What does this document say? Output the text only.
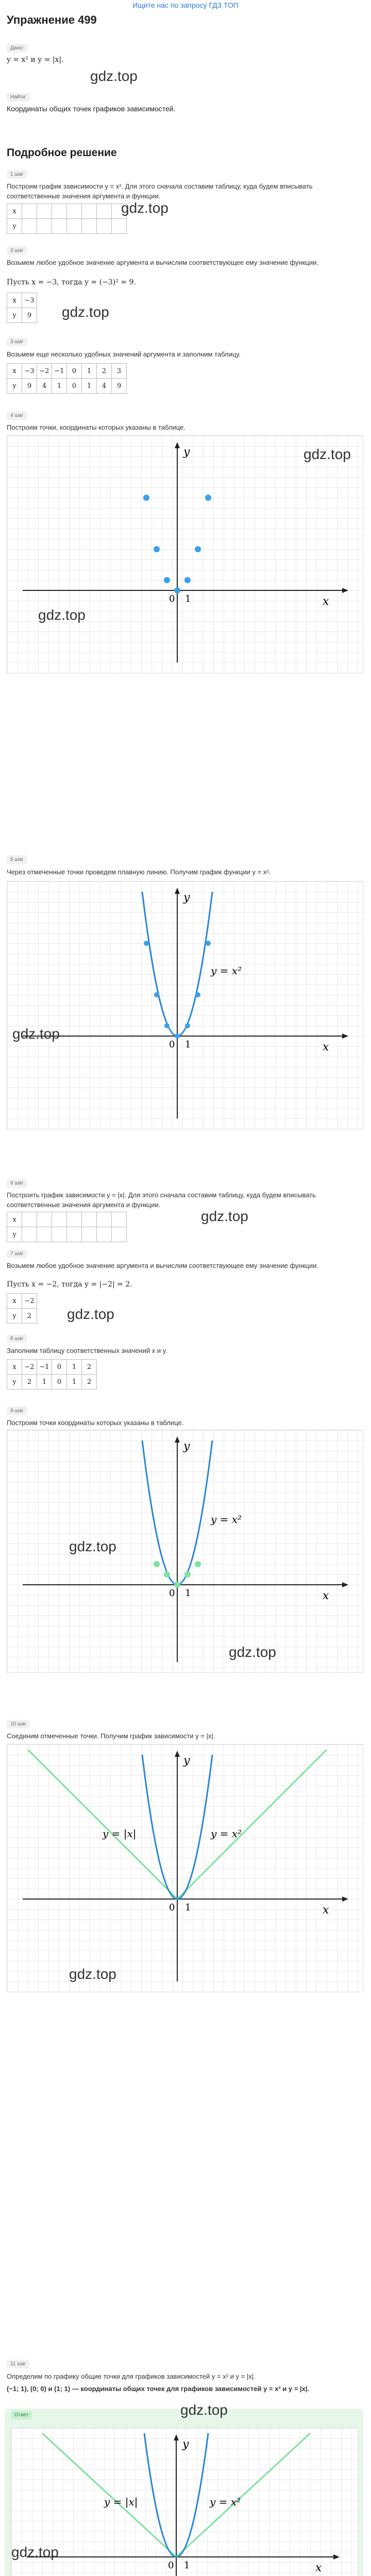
Ищите нас по запросу ГДЗ ТОП
Упражнение 499
Дано:
y = x² и y = |x|.
gdz.top
Найти:
Координаты общих точек графиков зависимостей.
Подробное решение
1 шаг
Построим график зависимости y = x². Для этого сначала составим таблицу, куда будем вписывать соответственные значения аргумента и функции.
x							
y							
gdz.top
2 шаг
Возьмем любое удобное значение аргумента и вычислим соответствующее ему значение функции.
Пусть x = −3, тогда y = (−3)² = 9.
x	−3
y	9 gdz.top
3 шаг
Возьмем еще несколько удобных значений аргумента и заполним таблицу.
x	−3	−2	−1	0	1	2	3
y	9	4	1	0	1	4	9
4 шаг
Построим точки, координаты которых указаны в таблице.
x
y
0 1
gdz.top
gdz.top
5 шаг
Через отмеченные точки проведем плавную линию. Получим график функции y = x².
x
y
0 1
y = x²
gdz.top
6 шаг
Построить график зависимости y = |x|. Для этого сначала составим таблицу, куда будем вписывать соответственные значения аргумента и функции.
x							
y							
gdz.top
7 шаг
Возьмем любое удобное значение аргумента и вычислим соответствующее ему значение функции.
Пусть x = −2, тогда y = |−2| = 2.
x	−2
y	2 gdz.top
8 шаг
Заполним таблицу соответственных значений x и y.
x	−2	−1	0	1	2
y	2	1	0	1	2
9 шаг
Построим точки координаты которых указаны в таблице.
x
y
0 1
y = x²
gdz.top
gdz.top
10 шаг
Соединим отмеченные точки. Получим график зависимости y = |x|.
x
y
0 1
y = x²
y = |x|
gdz.top
11 шаг
Определим по графику общие точки для графиков зависимостей y = x² и y = |x|.
(−1; 1), (0; 0) и (1; 1) — координаты общих точек для графиков зависимостей y = x² и y = |x|.
Ответ	gdz.top
x
y
0 1
y = x²
y = |x|
gdz.top
